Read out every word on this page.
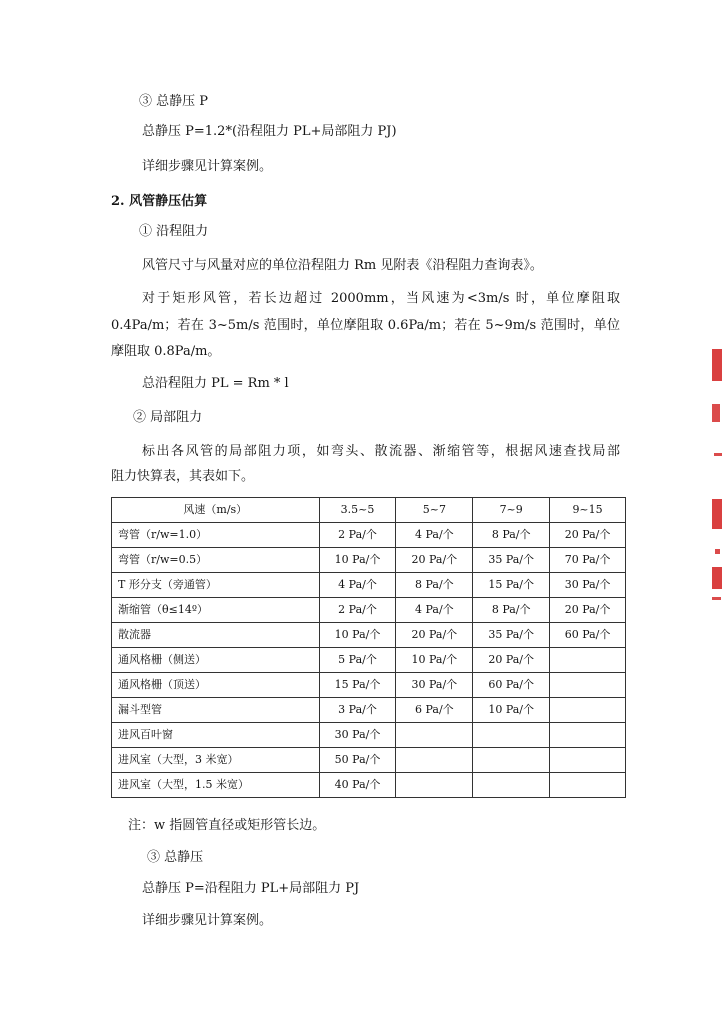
③ 总静压 P
总静压 P=1.2*(沿程阻力 PL+局部阻力 PJ)
详细步骤见计算案例。
2. 风管静压估算
① 沿程阻力
风管尺寸与风量对应的单位沿程阻力 Rm 见附表《沿程阻力查询表》。
对于矩形风管，若长边超过 2000mm，当风速为<3m/s 时，单位摩阻取
0.4Pa/m；若在 3~5m/s 范围时，单位摩阻取 0.6Pa/m；若在 5~9m/s 范围时，单位
摩阻取 0.8Pa/m。
总沿程阻力 PL = Rm * l
② 局部阻力
标出各风管的局部阻力项，如弯头、散流器、渐缩管等，根据风速查找局部
阻力快算表，其表如下。
风速（m/s）	3.5~5	5~7	7~9	9~15
弯管（r/w=1.0）	2 Pa/个	4 Pa/个	8 Pa/个	20 Pa/个
弯管（r/w=0.5）	10 Pa/个	20 Pa/个	35 Pa/个	70 Pa/个
T 形分支（旁通管）	4 Pa/个	8 Pa/个	15 Pa/个	30 Pa/个
渐缩管（θ≤14º）	2 Pa/个	4 Pa/个	8 Pa/个	20 Pa/个
散流器	10 Pa/个	20 Pa/个	35 Pa/个	60 Pa/个
通风格栅（侧送）	5 Pa/个	10 Pa/个	20 Pa/个	
通风格栅（顶送）	15 Pa/个	30 Pa/个	60 Pa/个	
漏斗型管	3 Pa/个	6 Pa/个	10 Pa/个	
进风百叶窗	30 Pa/个			
进风室（大型，3 米宽）	50 Pa/个			
进风室（大型，1.5 米宽）	40 Pa/个			
注：w 指圆管直径或矩形管长边。
③ 总静压
总静压 P=沿程阻力 PL+局部阻力 PJ
详细步骤见计算案例。
